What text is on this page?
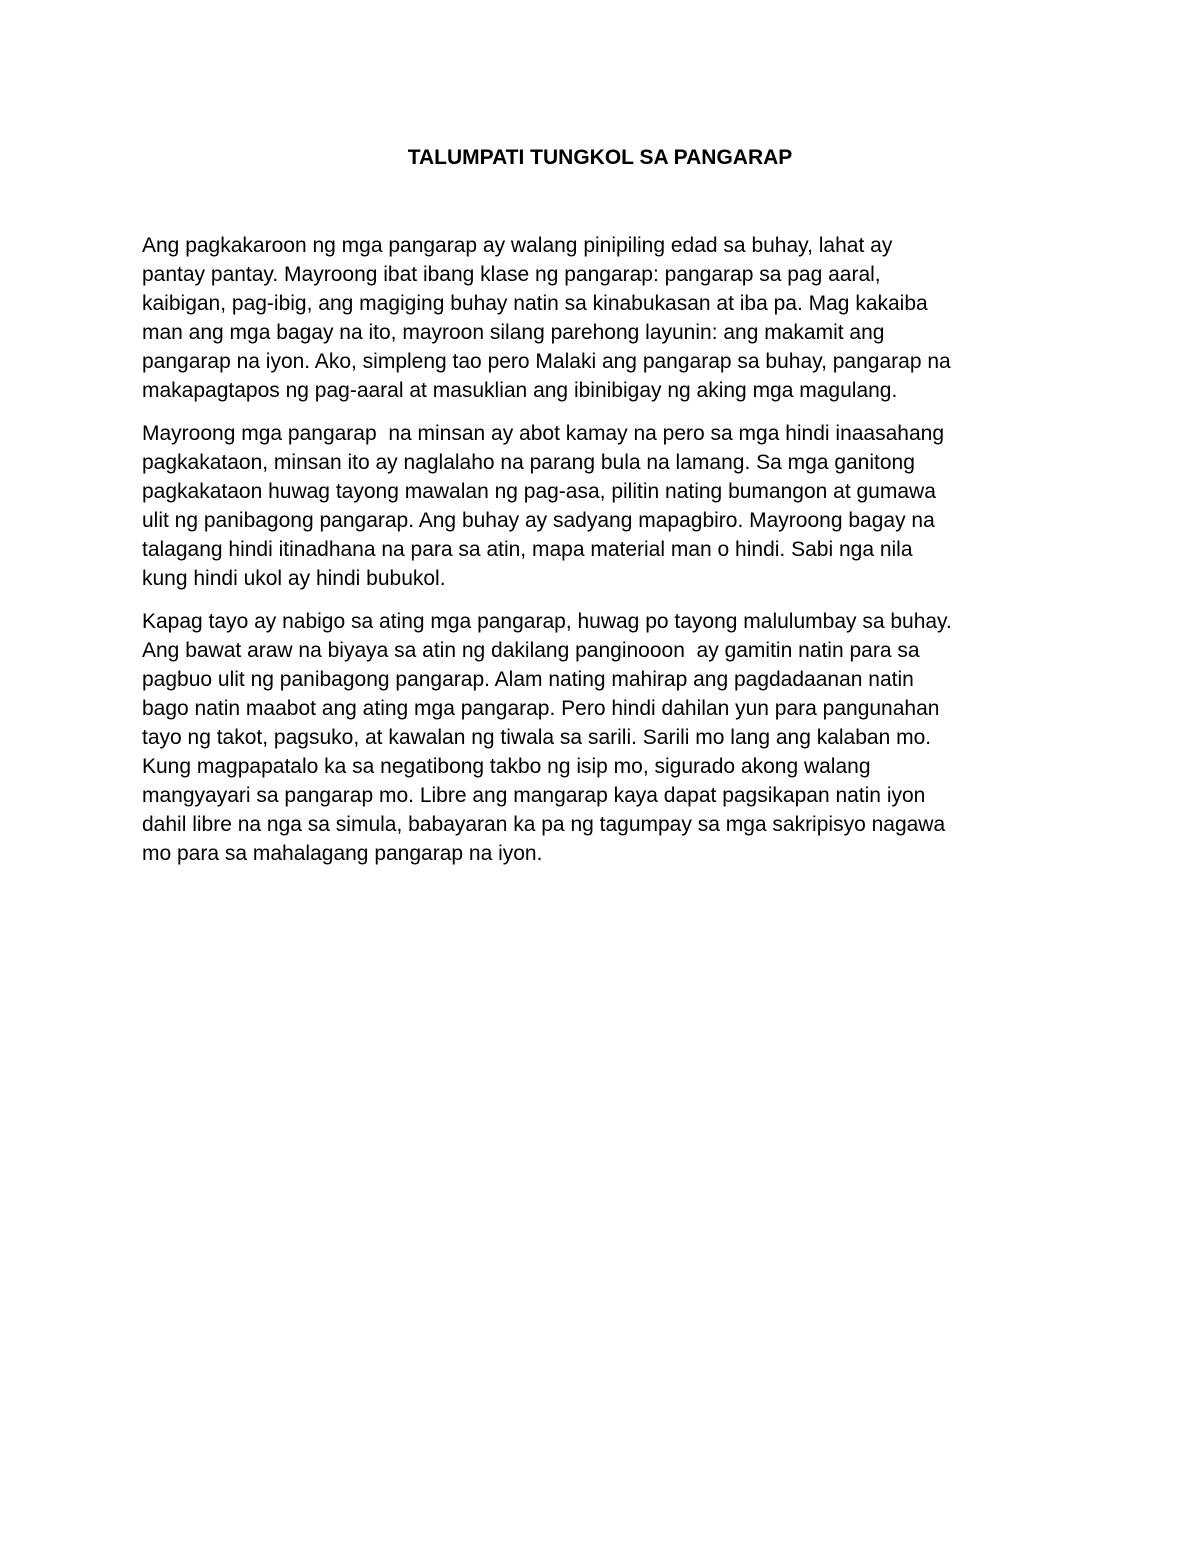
TALUMPATI TUNGKOL SA PANGARAP

Ang pagkakaroon ng mga pangarap ay walang pinipiling edad sa buhay, lahat ay
pantay pantay. Mayroong ibat ibang klase ng pangarap: pangarap sa pag aaral,
kaibigan, pag-ibig, ang magiging buhay natin sa kinabukasan at iba pa. Mag kakaiba
man ang mga bagay na ito, mayroon silang parehong layunin: ang makamit ang
pangarap na iyon. Ako, simpleng tao pero Malaki ang pangarap sa buhay, pangarap na
makapagtapos ng pag-aaral at masuklian ang ibinibigay ng aking mga magulang.

Mayroong mga pangarap  na minsan ay abot kamay na pero sa mga hindi inaasahang
pagkakataon, minsan ito ay naglalaho na parang bula na lamang. Sa mga ganitong
pagkakataon huwag tayong mawalan ng pag-asa, pilitin nating bumangon at gumawa
ulit ng panibagong pangarap. Ang buhay ay sadyang mapagbiro. Mayroong bagay na
talagang hindi itinadhana na para sa atin, mapa material man o hindi. Sabi nga nila
kung hindi ukol ay hindi bubukol.

Kapag tayo ay nabigo sa ating mga pangarap, huwag po tayong malulumbay sa buhay.
Ang bawat araw na biyaya sa atin ng dakilang panginooon  ay gamitin natin para sa
pagbuo ulit ng panibagong pangarap. Alam nating mahirap ang pagdadaanan natin
bago natin maabot ang ating mga pangarap. Pero hindi dahilan yun para pangunahan
tayo ng takot, pagsuko, at kawalan ng tiwala sa sarili. Sarili mo lang ang kalaban mo.
Kung magpapatalo ka sa negatibong takbo ng isip mo, sigurado akong walang
mangyayari sa pangarap mo. Libre ang mangarap kaya dapat pagsikapan natin iyon
dahil libre na nga sa simula, babayaran ka pa ng tagumpay sa mga sakripisyo nagawa
mo para sa mahalagang pangarap na iyon.
